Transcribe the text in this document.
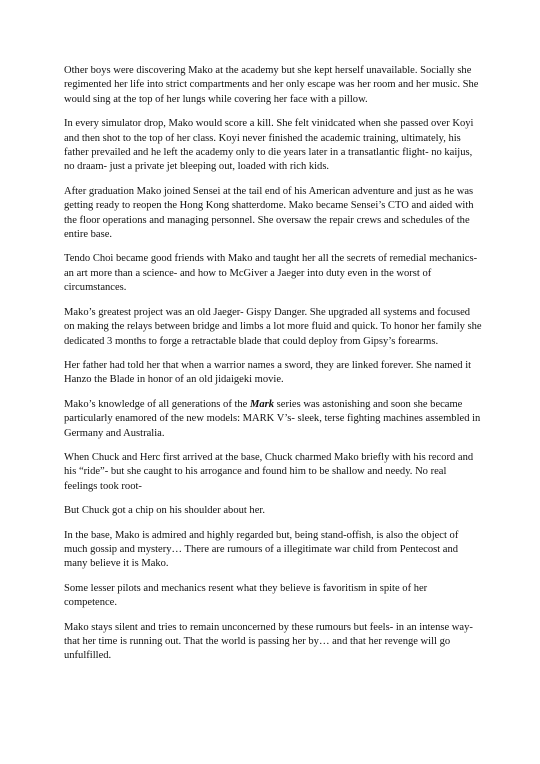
Other boys were discovering Mako at the academy but she kept herself unavailable. Socially she regimented her life into strict compartments and her only escape was her room and her music. She would sing at the top of her lungs while covering her face with a pillow.

In every simulator drop, Mako would score a kill. She felt vinidcated when she passed over Koyi and then shot to the top of her class. Koyi never finished the academic training, ultimately, his father prevailed and he left the academy only to die years later in a transatlantic flight- no kaijus, no draam- just a private jet bleeping out, loaded with rich kids.

After graduation Mako joined Sensei at the tail end of his American adventure and just as he was getting ready to reopen the Hong Kong shatterdome. Mako became Sensei’s CTO and aided with the floor operations and managing personnel. She oversaw the repair crews and schedules of the entire base.

Tendo Choi became good friends with Mako and taught her all the secrets of remedial mechanics- an art more than a science- and how to McGiver a Jaeger into duty even in the worst of circumstances.

Mako’s greatest project was an old Jaeger- Gispy Danger. She upgraded all systems and focused on making the relays between bridge and limbs a lot more fluid and quick. To honor her family she dedicated 3 months to forge a retractable blade that could deploy from Gipsy’s forearms.

Her father had told her that when a warrior names a sword, they are linked forever. She named it Hanzo the Blade in honor of an old jidaigeki movie.

Mako’s knowledge of all generations of the Mark series was astonishing and soon she became particularly enamored of the new models: MARK V’s- sleek, terse fighting machines assembled in Germany and Australia.

When Chuck and Herc first arrived at the base, Chuck charmed Mako briefly with his record and his “ride”- but she caught to his arrogance and found him to be shallow and needy. No real feelings took root-

But Chuck got a chip on his shoulder about her.

In the base, Mako is admired and highly regarded but, being stand-offish, is also the object of much gossip and mystery… There are rumours of a illegitimate war child from Pentecost and many believe it is Mako.

Some lesser pilots and mechanics resent what they believe is favoritism in spite of her competence.

Mako stays silent and tries to remain unconcerned by these rumours but feels- in an intense way- that her time is running out. That the world is passing her by… and that her revenge will go unfulfilled.
